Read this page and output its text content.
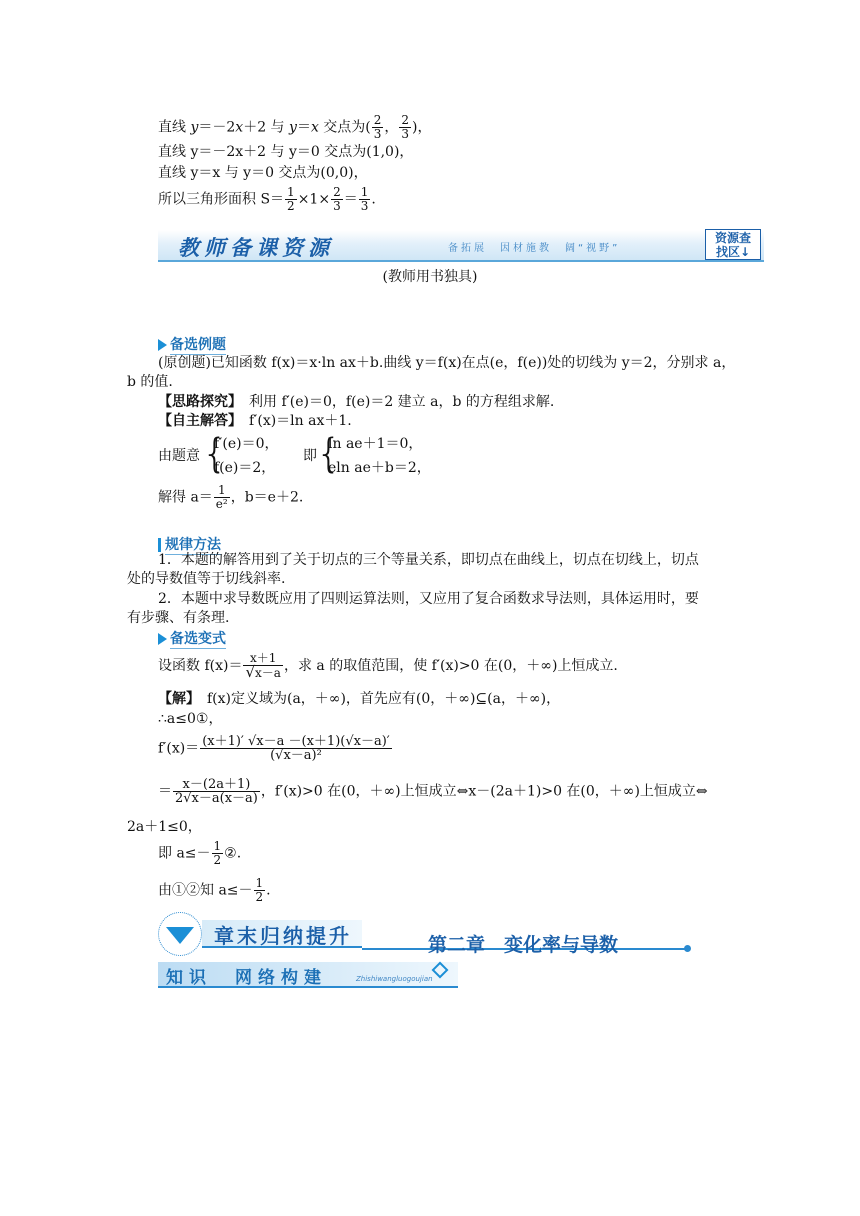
直线 y＝－2x＋2 与 y＝x 交点为( $\frac{2}{3}$ ， $\frac{2}{3}$ )，
直线 y＝－2x＋2 与 y＝0 交点为(1,0)，
直线 y＝x 与 y＝0 交点为(0,0)，
所以三角形面积 $S= \frac{1}{2} \times 1\times \frac{2}{3} = \frac{1}{3}$ .
教师备课资源	备拓展　因材施教　阔“视野”
资源查
找区↓
(教师用书独具)
备选例题
(原创题)已知函数 f(x)＝x·ln ax＋b.曲线 y＝f(x)在点(e，f(e))处的切线为 y＝2，分别求 a，
b 的值.
【思路探究】　利用 f′(e)＝0，f(e)＝2 建立 a，b 的方程组求解.
【自主解答】　f′(x)＝ln ax＋1.
由题意 {
f′(e)＝0，
f(e)＝2，
即 {
ln ae＋1＝0，
eln ae＋b＝2，
解得 $a= \frac{1}{\text{e²}}$ ，b＝e＋2.
规律方法
1．本题的解答用到了关于切点的三个等量关系，即切点在曲线上，切点在切线上，切点
处的导数值等于切线斜率.
2．本题中求导数既应用了四则运算法则，又应用了复合函数求导法则，具体运用时，要
有步骤、有条理.
备选变式
设函数 $f(x)= \frac{x+1}{√x-a}$ ，求 a 的取值范围，使 f′(x)>0 在(0，＋∞)上恒成立.
【解】　f(x)定义域为(a，＋∞)，首先应有(0，＋∞)⊆(a，＋∞)，
∴a≤0①，
$f'(x)= \frac{(x+1)' √x-a -(x+1)(√x-a)'}{\text{(√x－a)²}}$
＝ $\frac{x-(2a+1)}{2√x-a(x-a)}$ ，f′(x)>0 在(0，＋∞)上恒成立⇔x－(2a＋1)>0 在(0，＋∞)上恒成立⇔
2a＋1≤0，
即 $a\le- \frac{1}{2}$ ②.
由①②知 $a\le- \frac{1}{2}$ .
章末归纳提升	第二章　变化率与导数
知识　网络构建	Zhishiwangluogoujian
